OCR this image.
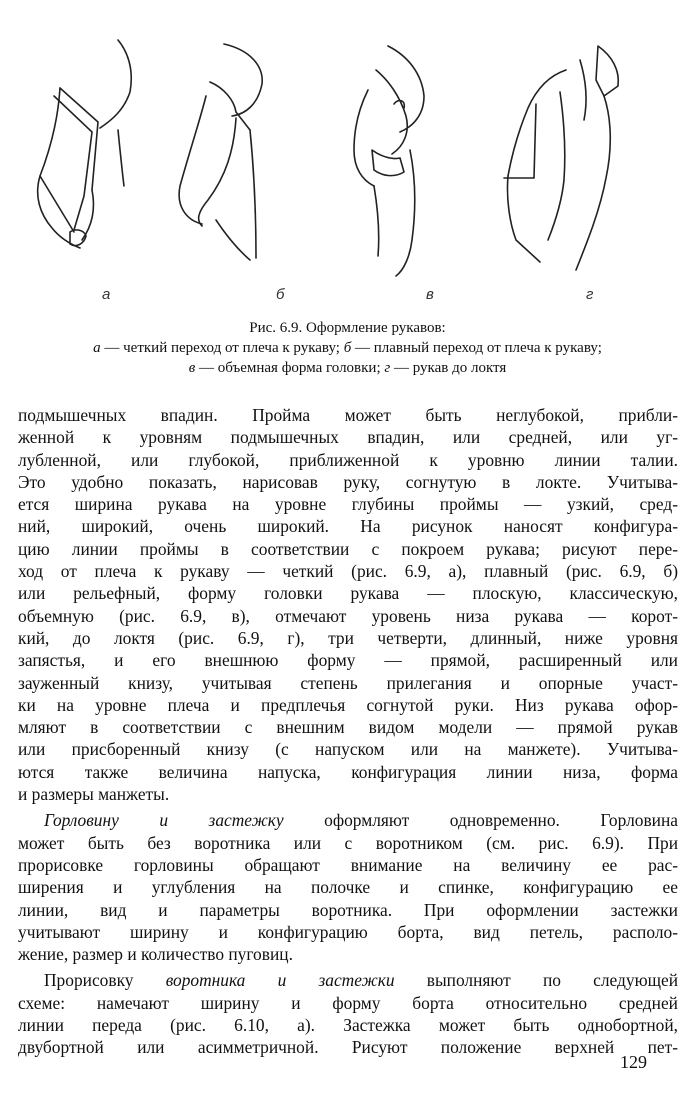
а	б	в	г
Рис. 6.9. Оформление рукавов:
а — четкий переход от плеча к рукаву; б — плавный переход от плеча к рукаву;
в — объемная форма головки; г — рукав до локтя

подмышечных впадин. Пройма может быть неглубокой, прибли-
женной к уровням подмышечных впадин, или средней, или уг-
лубленной, или глубокой, приближенной к уровню линии талии.
Это удобно показать, нарисовав руку, согнутую в локте. Учитыва-
ется ширина рукава на уровне глубины проймы — узкий, сред-
ний, широкий, очень широкий. На рисунок наносят конфигура-
цию линии проймы в соответствии с покроем рукава; рисуют пере-
ход от плеча к рукаву — четкий (рис. 6.9, а), плавный (рис. 6.9, б)
или рельефный, форму головки рукава — плоскую, классическую,
объемную (рис. 6.9, в), отмечают уровень низа рукава — корот-
кий, до локтя (рис. 6.9, г), три четверти, длинный, ниже уровня
запястья, и его внешнюю форму — прямой, расширенный или
зауженный книзу, учитывая степень прилегания и опорные участ-
ки на уровне плеча и предплечья согнутой руки. Низ рукава офор-
мляют в соответствии с внешним видом модели — прямой рукав
или присборенный книзу (с напуском или на манжете). Учитыва-
ются также величина напуска, конфигурация линии низа, форма
и размеры манжеты.

Горловину и застежку оформляют одновременно. Горловина
может быть без воротника или с воротником (см. рис. 6.9). При
прорисовке горловины обращают внимание на величину ее рас-
ширения и углубления на полочке и спинке, конфигурацию ее
линии, вид и параметры воротника. При оформлении застежки
учитывают ширину и конфигурацию борта, вид петель, располо-
жение, размер и количество пуговиц.

Прорисовку воротника и застежки выполняют по следующей
схеме: намечают ширину и форму борта относительно средней
линии переда (рис. 6.10, а). Застежка может быть однобортной,
двубортной или асимметричной. Рисуют положение верхней пет-

129
